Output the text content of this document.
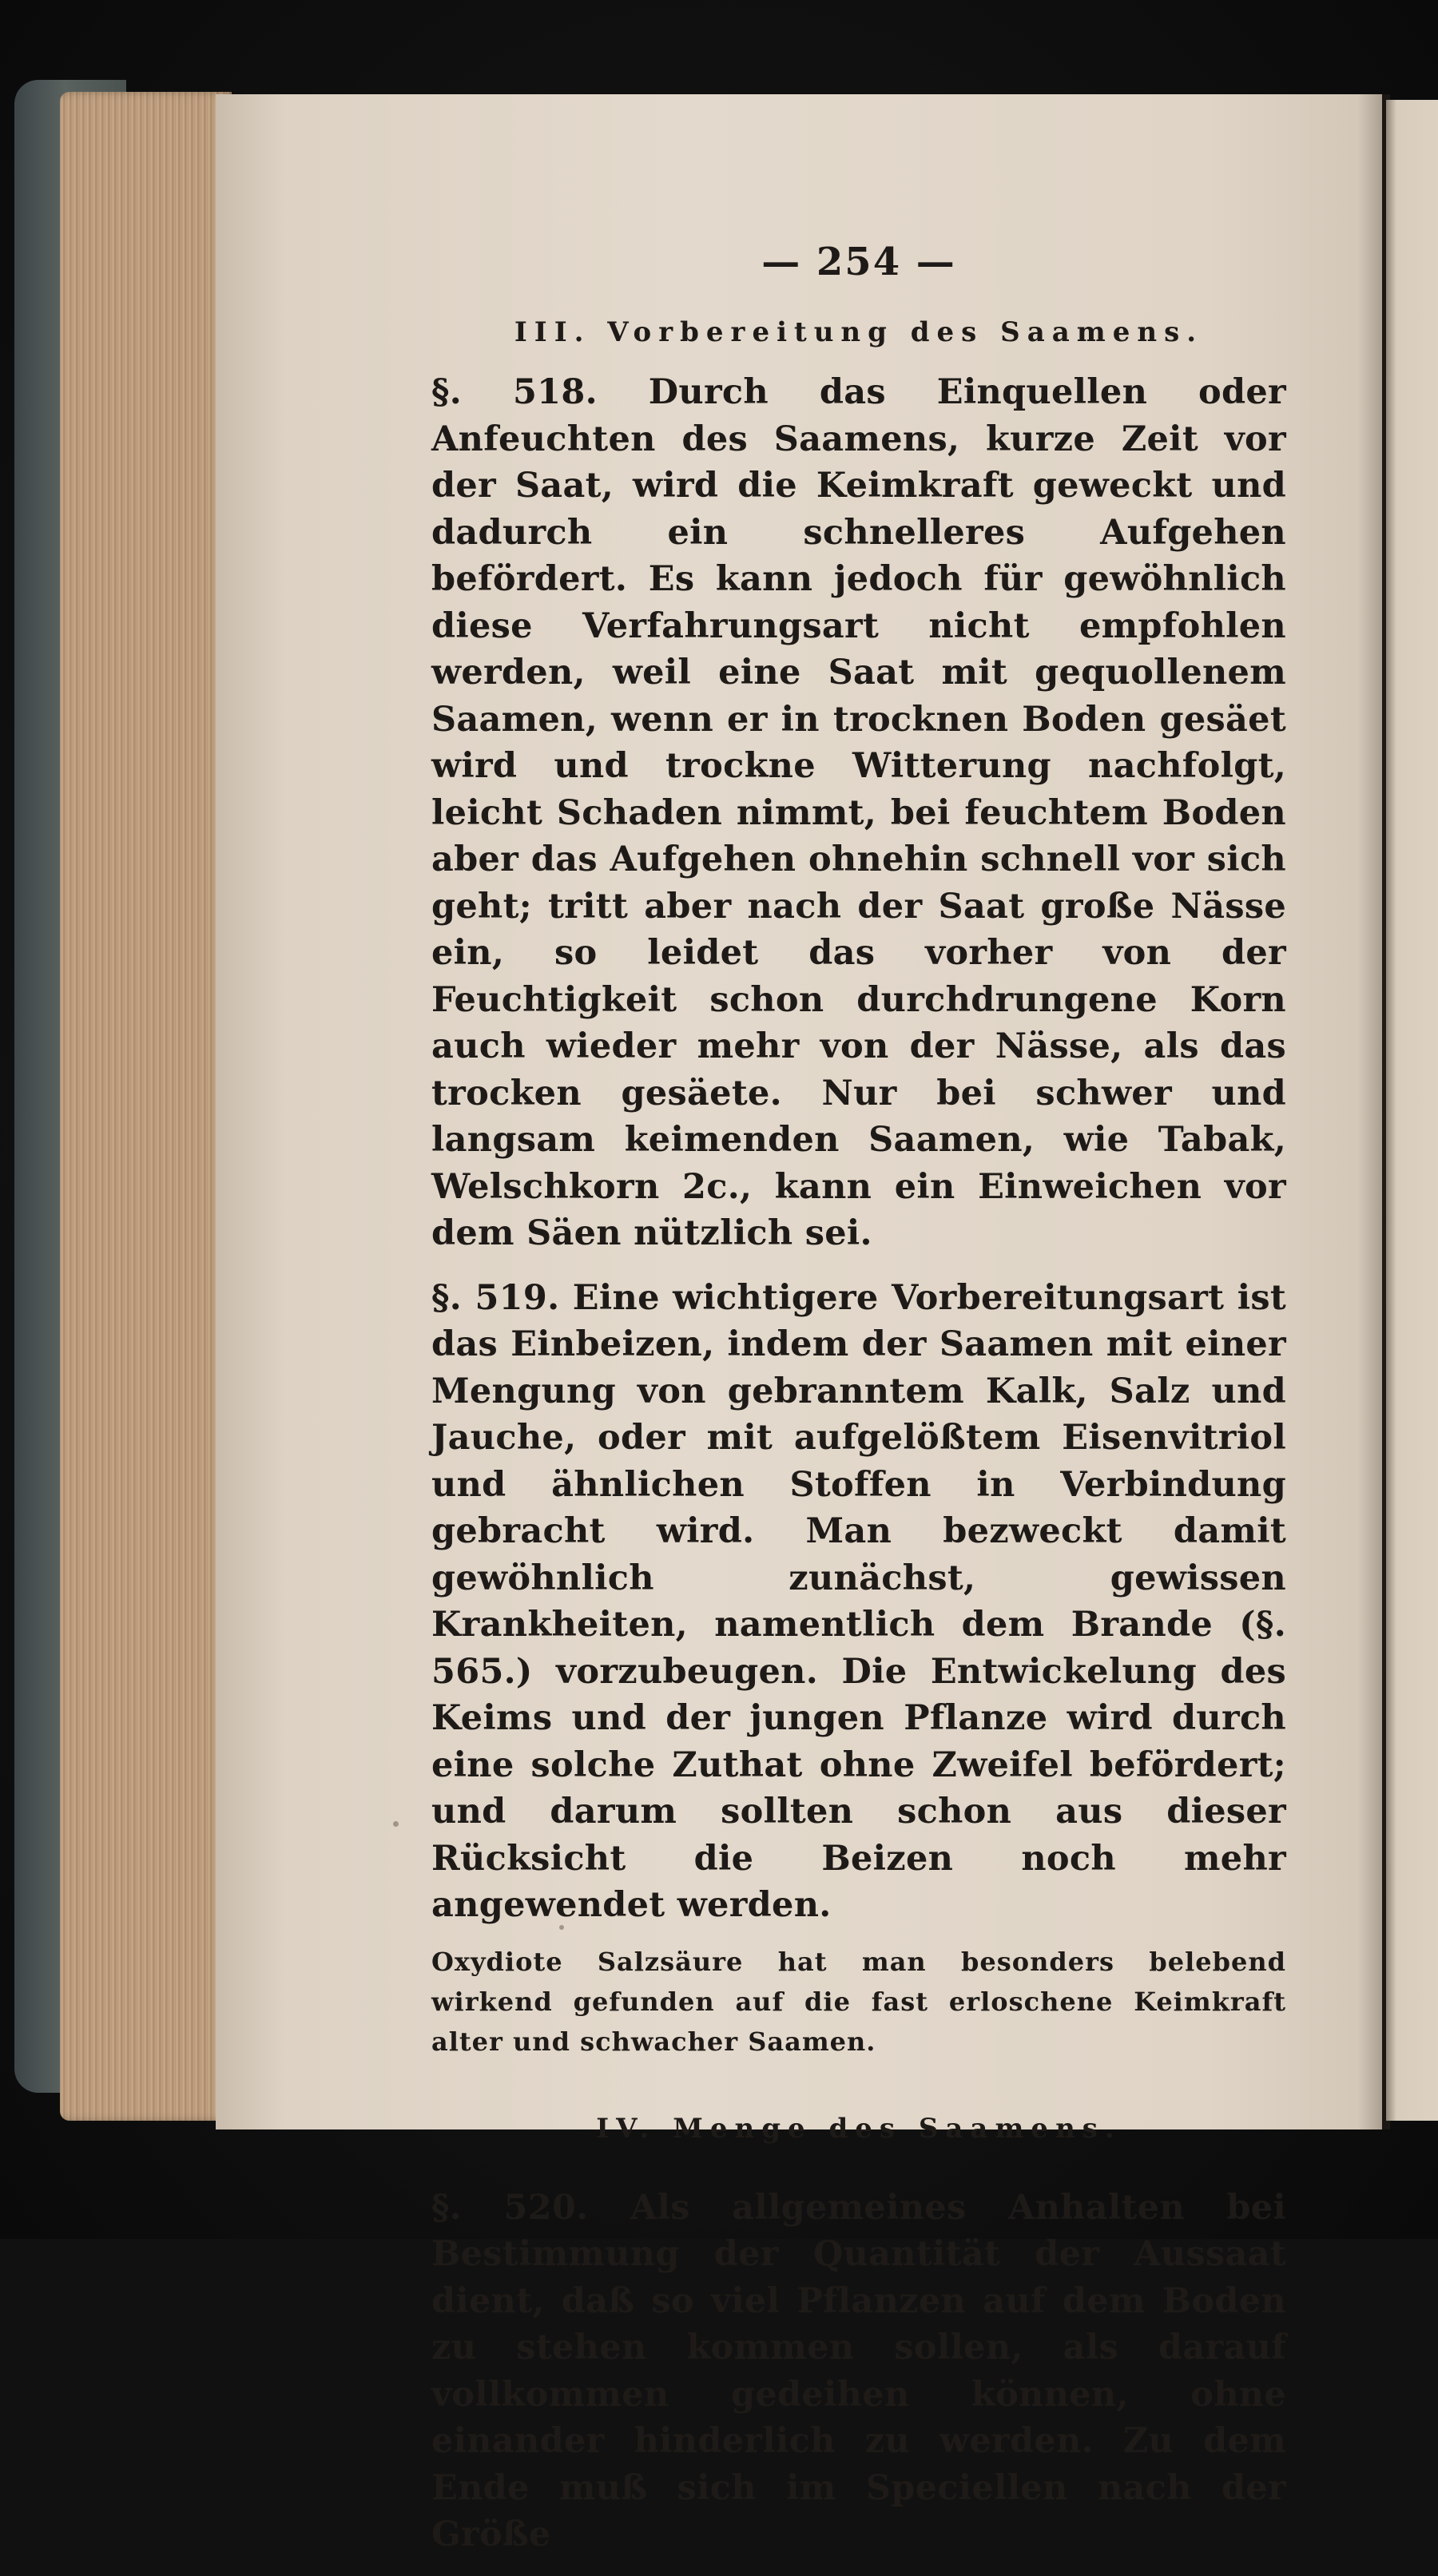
— 254 —
III. Vorbereitung des Saamens.

§. 518. Durch das Einquellen oder Anfeuchten des Saamens, kurze Zeit vor der Saat, wird die Keimkraft geweckt und dadurch ein schnelleres Aufgehen befördert. Es kann jedoch für gewöhnlich diese Verfahrungsart nicht empfohlen werden, weil eine Saat mit gequollenem Saamen, wenn er in trocknen Boden gesäet wird und trockne Witterung nachfolgt, leicht Schaden nimmt, bei feuchtem Boden aber das Aufgehen ohnehin schnell vor sich geht; tritt aber nach der Saat große Nässe ein, so leidet das vorher von der Feuchtigkeit schon durchdrungene Korn auch wieder mehr von der Nässe, als das trocken gesäete. Nur bei schwer und langsam keimenden Saamen, wie Tabak, Welschkorn 2c., kann ein Einweichen vor dem Säen nützlich sei.

§. 519. Eine wichtigere Vorbereitungsart ist das Einbeizen, indem der Saamen mit einer Mengung von gebranntem Kalk, Salz und Jauche, oder mit aufgelößtem Eisenvitriol und ähnlichen Stoffen in Verbindung gebracht wird. Man bezweckt damit gewöhnlich zunächst, gewissen Krankheiten, namentlich dem Brande (§. 565.) vorzubeugen. Die Entwickelung des Keims und der jungen Pflanze wird durch eine solche Zuthat ohne Zweifel befördert; und darum sollten schon aus dieser Rücksicht die Beizen noch mehr angewendet werden.

Oxydiote Salzsäure hat man besonders belebend wirkend gefunden auf die fast erloschene Keimkraft alter und schwacher Saamen.

IV. Menge des Saamens.

§. 520. Als allgemeines Anhalten bei Bestimmung der Quantität der Aussaat dient, daß so viel Pflanzen auf dem Boden zu stehen kommen sollen, als darauf vollkommen gedeihen können, ohne einander hinderlich zu werden. Zu dem Ende muß sich im Speciellen nach der Größe
